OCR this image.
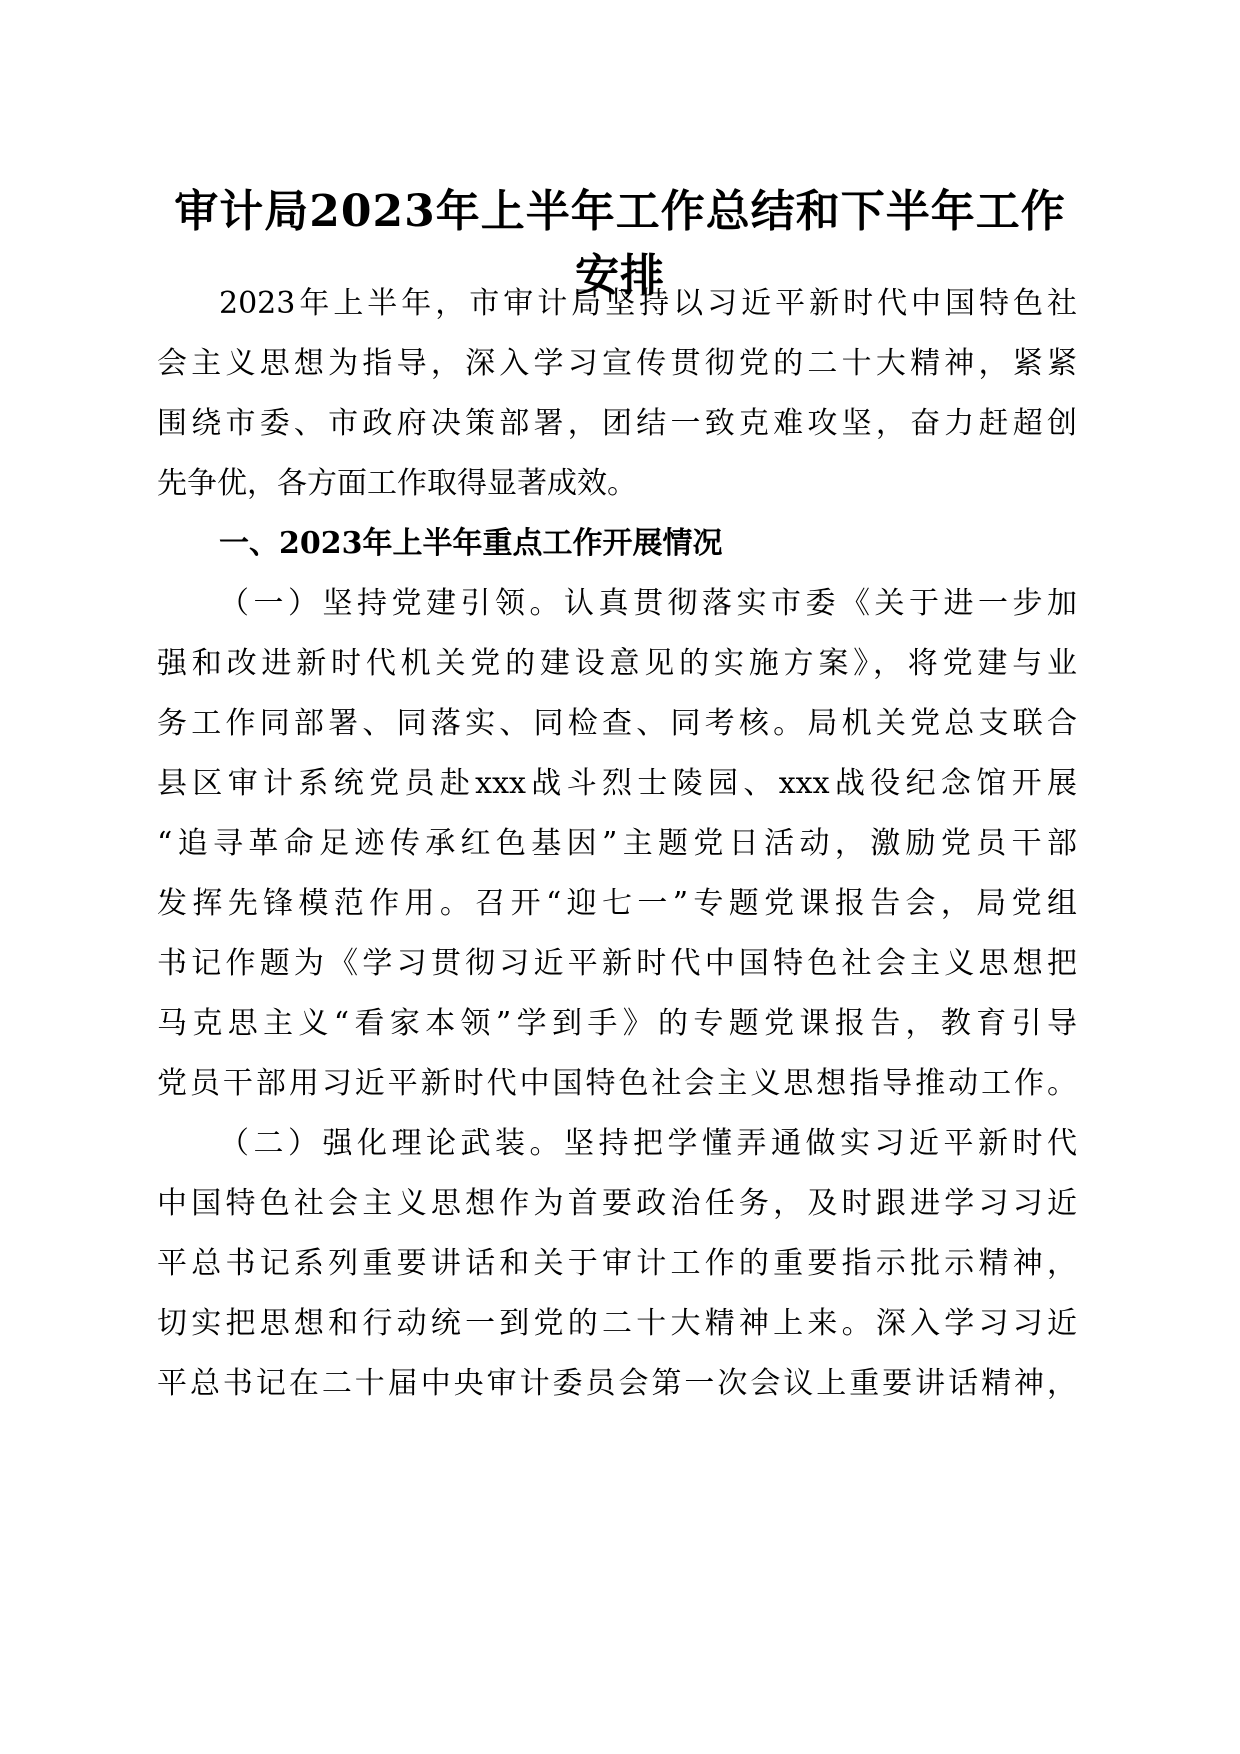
审计局2023年上半年工作总结和下半年工作
安排

2023年上半年，市审计局坚持以习近平新时代中国特色社

会主义思想为指导，深入学习宣传贯彻党的二十大精神，紧紧

围绕市委、市政府决策部署，团结一致克难攻坚，奋力赶超创

先争优，各方面工作取得显著成效。

一、2023年上半年重点工作开展情况

（一）坚持党建引领。认真贯彻落实市委《关于进一步加

强和改进新时代机关党的建设意见的实施方案》，将党建与业

务工作同部署、同落实、同检查、同考核。局机关党总支联合

县区审计系统党员赴xxx战斗烈士陵园、xxx战役纪念馆开展

“追寻革命足迹传承红色基因”主题党日活动，激励党员干部

发挥先锋模范作用。召开“迎七一”专题党课报告会，局党组

书记作题为《学习贯彻习近平新时代中国特色社会主义思想把

马克思主义“看家本领”学到手》的专题党课报告，教育引导

党员干部用习近平新时代中国特色社会主义思想指导推动工作。

（二）强化理论武装。坚持把学懂弄通做实习近平新时代

中国特色社会主义思想作为首要政治任务，及时跟进学习习近

平总书记系列重要讲话和关于审计工作的重要指示批示精神，

切实把思想和行动统一到党的二十大精神上来。深入学习习近

平总书记在二十届中央审计委员会第一次会议上重要讲话精神，
